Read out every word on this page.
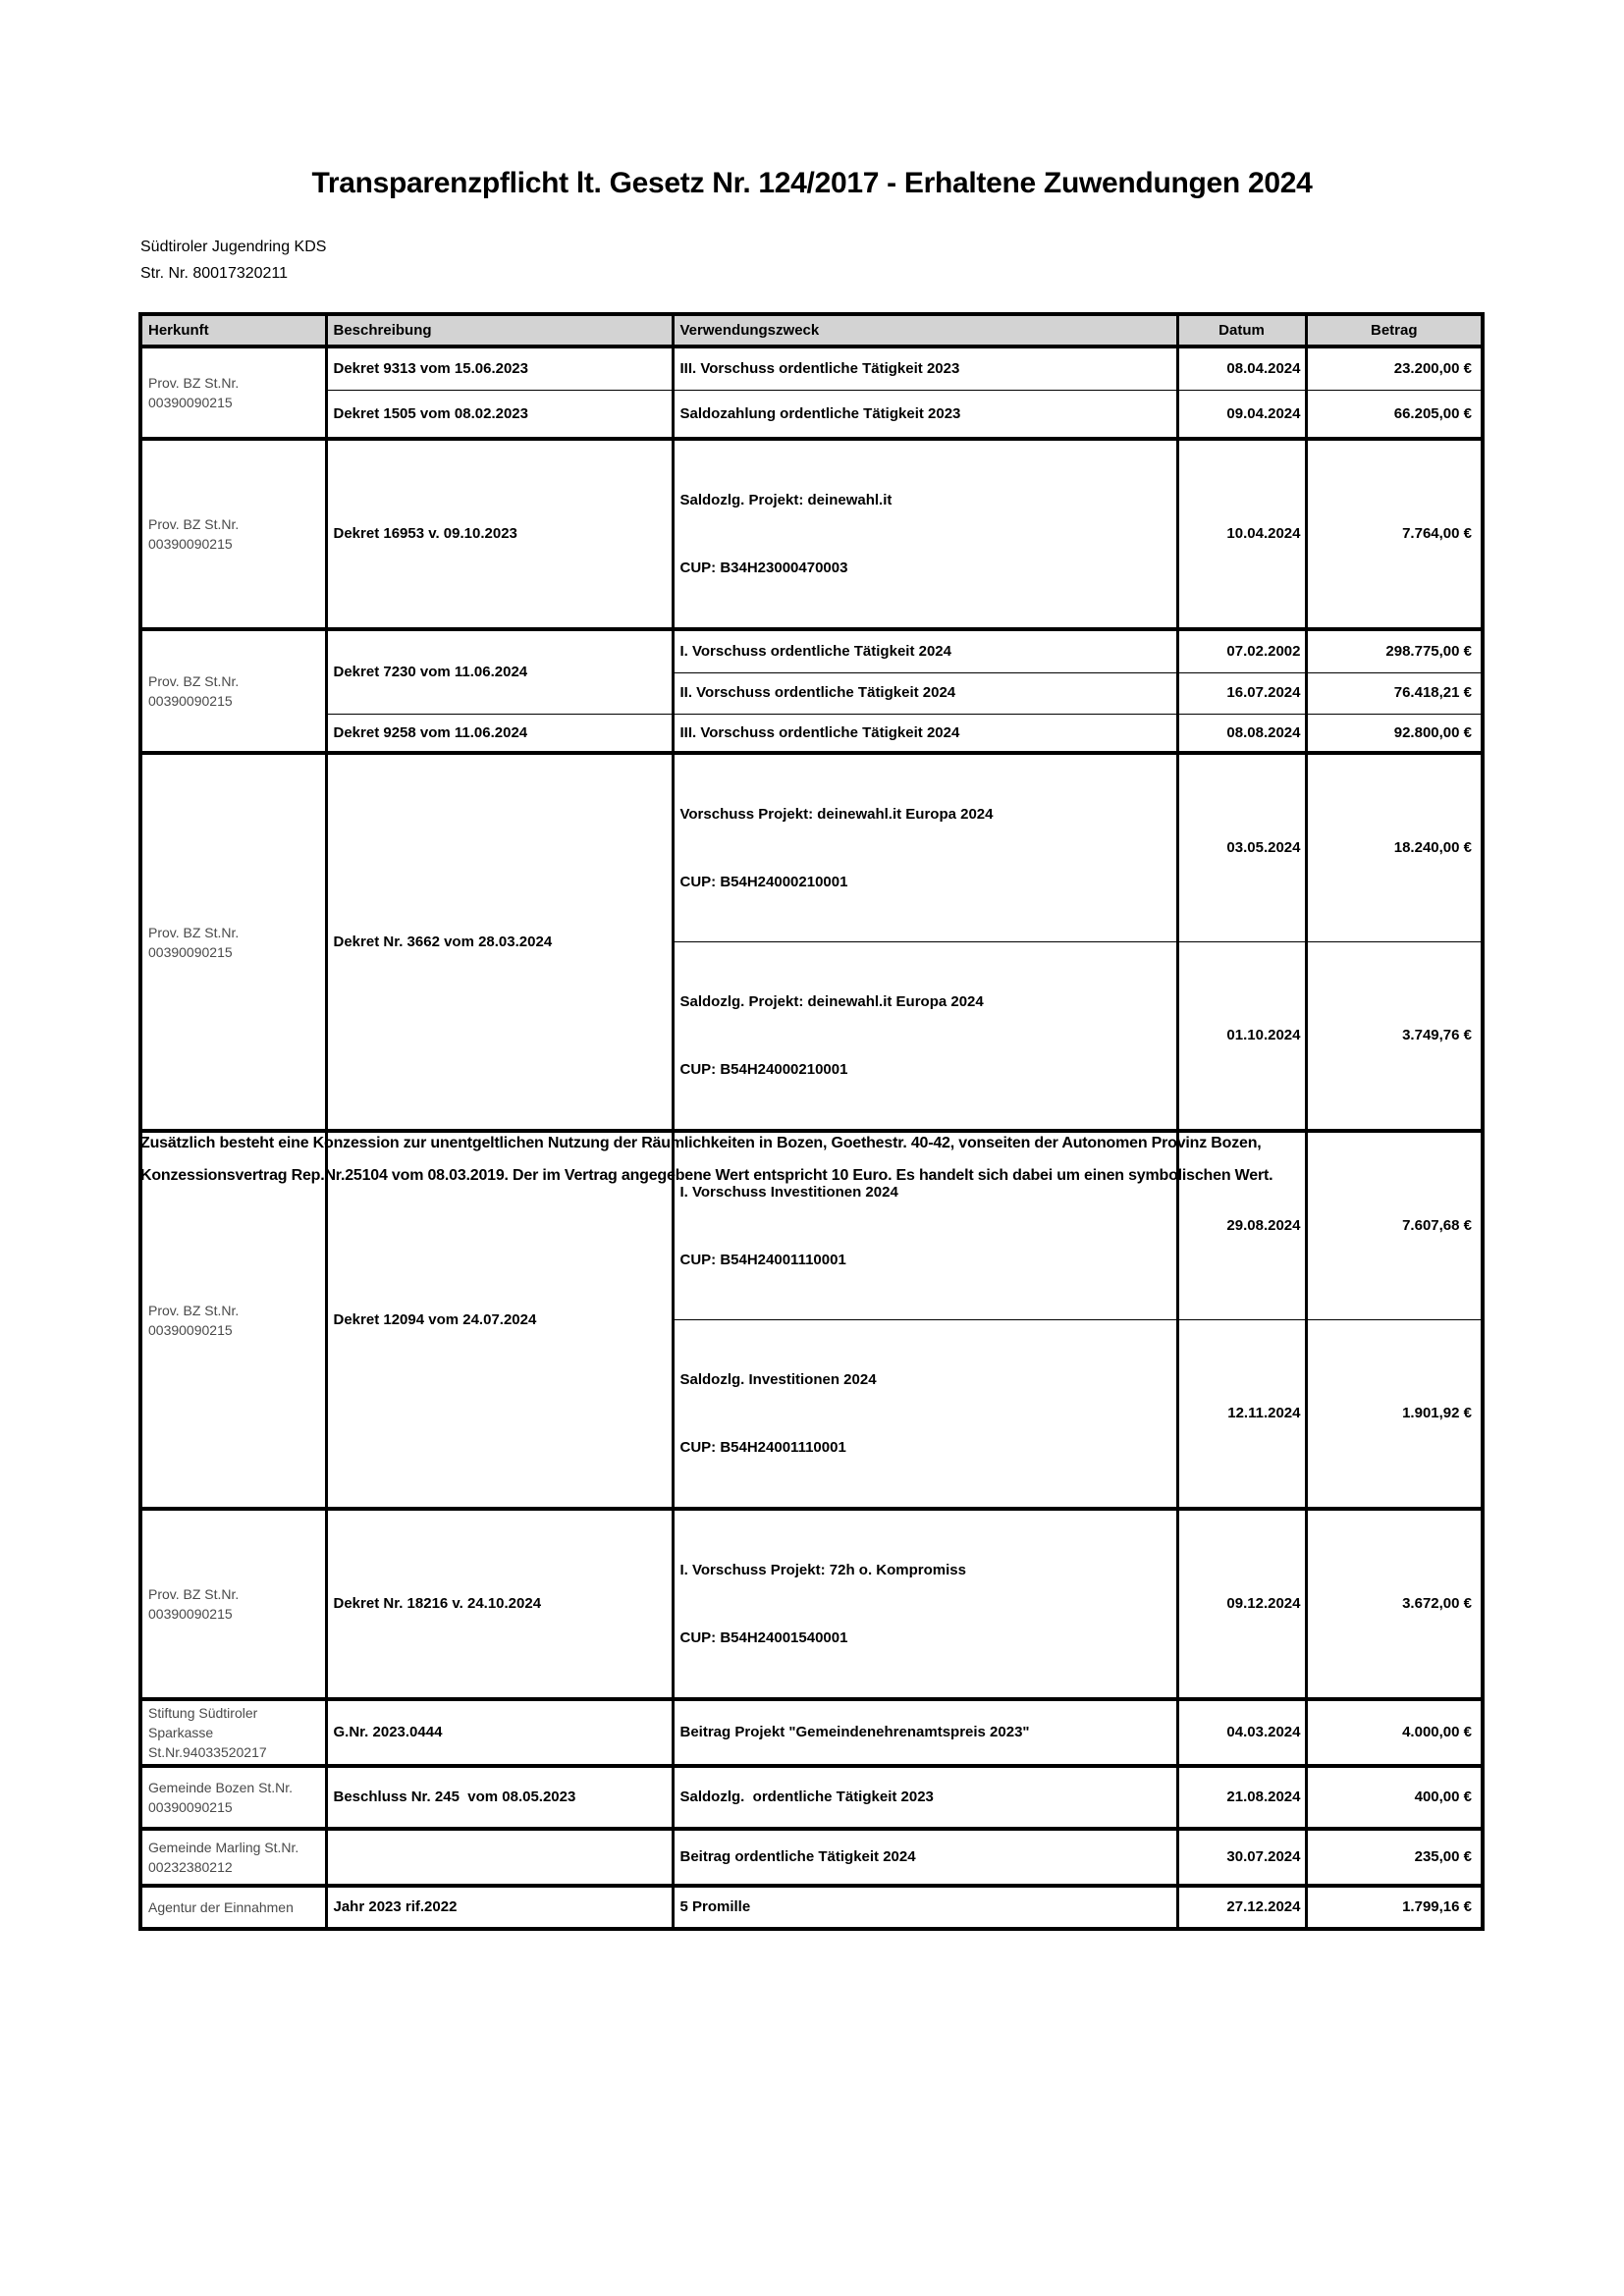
Transparenzpflicht lt. Gesetz Nr. 124/2017 - Erhaltene Zuwendungen 2024
Südtiroler Jugendring KDS
Str. Nr. 80017320211
Herkunft	Beschreibung	Verwendungszweck	Datum	Betrag
Prov. BZ St.Nr. 00390090215	Dekret 9313 vom 15.06.2023	III. Vorschuss ordentliche Tätigkeit 2023	08.04.2024	23.200,00 €
	Dekret 1505 vom 08.02.2023	Saldozahlung ordentliche Tätigkeit 2023	09.04.2024	66.205,00 €
Prov. BZ St.Nr. 00390090215	Dekret 16953 v. 09.10.2023	Saldozlg. Projekt: deinewahl.it

CUP: B34H23000470003	10.04.2024	7.764,00 €
Prov. BZ St.Nr. 00390090215	Dekret 7230 vom 11.06.2024	I. Vorschuss ordentliche Tätigkeit 2024	07.02.2002	298.775,00 €
		II. Vorschuss ordentliche Tätigkeit 2024	16.07.2024	76.418,21 €
	Dekret 9258 vom 11.06.2024	III. Vorschuss ordentliche Tätigkeit 2024	08.08.2024	92.800,00 €
Prov. BZ St.Nr. 00390090215	Dekret Nr. 3662 vom 28.03.2024	Vorschuss Projekt: deinewahl.it Europa 2024

CUP: B54H24000210001	03.05.2024	18.240,00 €

		Saldozlg. Projekt: deinewahl.it Europa 2024

CUP: B54H24000210001	01.10.2024	3.749,76 €
Prov. BZ St.Nr. 00390090215	Dekret 12094 vom 24.07.2024	I. Vorschuss Investitionen 2024

CUP: B54H24001110001	29.08.2024	7.607,68 €

		Saldozlg. Investitionen 2024

CUP: B54H24001110001	12.11.2024	1.901,92 €
Prov. BZ St.Nr. 00390090215	Dekret Nr. 18216 v. 24.10.2024	I. Vorschuss Projekt: 72h o. Kompromiss

CUP: B54H24001540001	09.12.2024	3.672,00 €
Stiftung Südtiroler Sparkasse St.Nr.94033520217	G.Nr. 2023.0444	Beitrag Projekt "Gemeindenehrenamtspreis 2023"	04.03.2024	4.000,00 €
Gemeinde Bozen St.Nr. 00390090215	Beschluss Nr. 245  vom 08.05.2023	Saldozlg.  ordentliche Tätigkeit 2023	21.08.2024	400,00 €
Gemeinde Marling St.Nr. 00232380212		Beitrag ordentliche Tätigkeit 2024	30.07.2024	235,00 €
Agentur der Einnahmen	Jahr 2023 rif.2022	5 Promille	27.12.2024	1.799,16 €
Zusätzlich besteht eine Konzession zur unentgeltlichen Nutzung der Räumlichkeiten in Bozen, Goethestr. 40-42, vonseiten der Autonomen Provinz Bozen,
Konzessionsvertrag Rep.Nr.25104 vom 08.03.2019. Der im Vertrag angegebene Wert entspricht 10 Euro. Es handelt sich dabei um einen symbolischen Wert.
